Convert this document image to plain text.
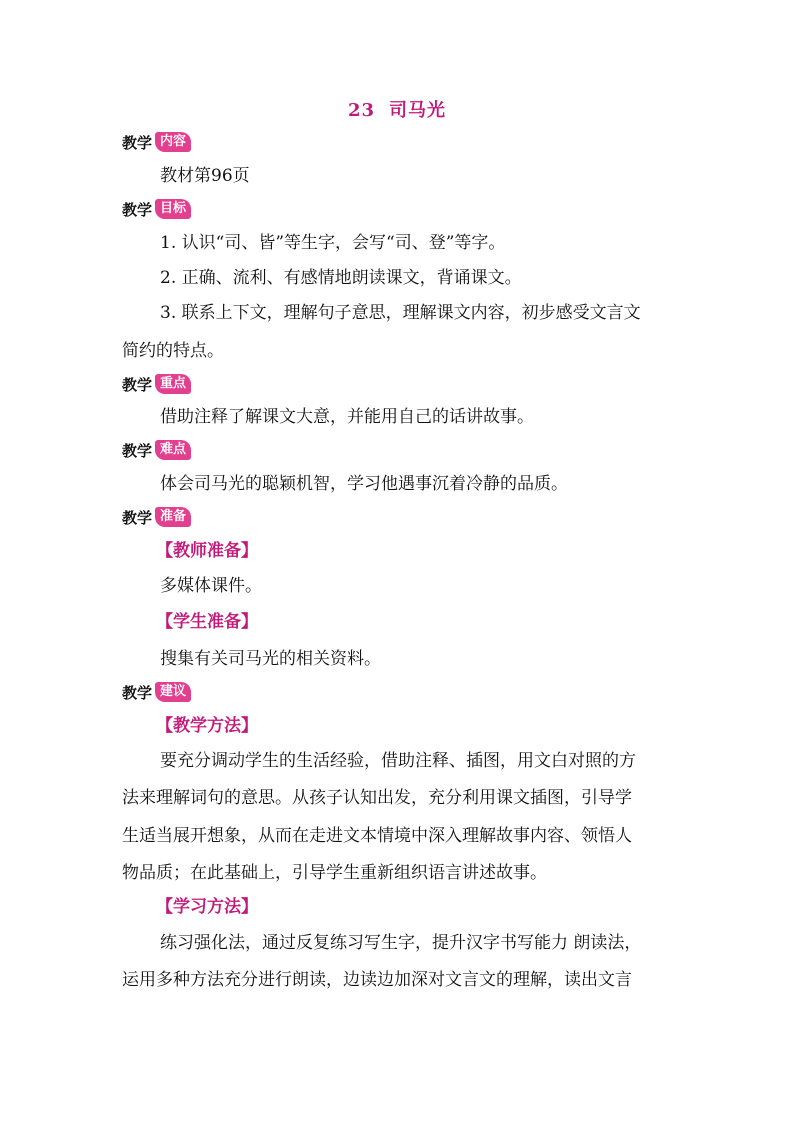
23 司马光
教学 内容
教材第96页
教学 目标
1. 认识“司、皆”等生字，会写“司、登”等字。
2. 正确、流利、有感情地朗读课文，背诵课文。
3. 联系上下文，理解句子意思，理解课文内容，初步感受文言文
简约的特点。
教学 重点
借助注释了解课文大意，并能用自己的话讲故事。
教学 难点
体会司马光的聪颖机智，学习他遇事沉着冷静的品质。
教学 准备
【教师准备】
多媒体课件。
【学生准备】
搜集有关司马光的相关资料。
教学 建议
【教学方法】
要充分调动学生的生活经验，借助注释、插图，用文白对照的方
法来理解词句的意思。从孩子认知出发，充分利用课文插图，引导学
生适当展开想象，从而在走进文本情境中深入理解故事内容、领悟人
物品质；在此基础上，引导学生重新组织语言讲述故事。
【学习方法】
练习强化法，通过反复练习写生字，提升汉字书写能力 朗读法，
运用多种方法充分进行朗读，边读边加深对文言文的理解，读出文言
